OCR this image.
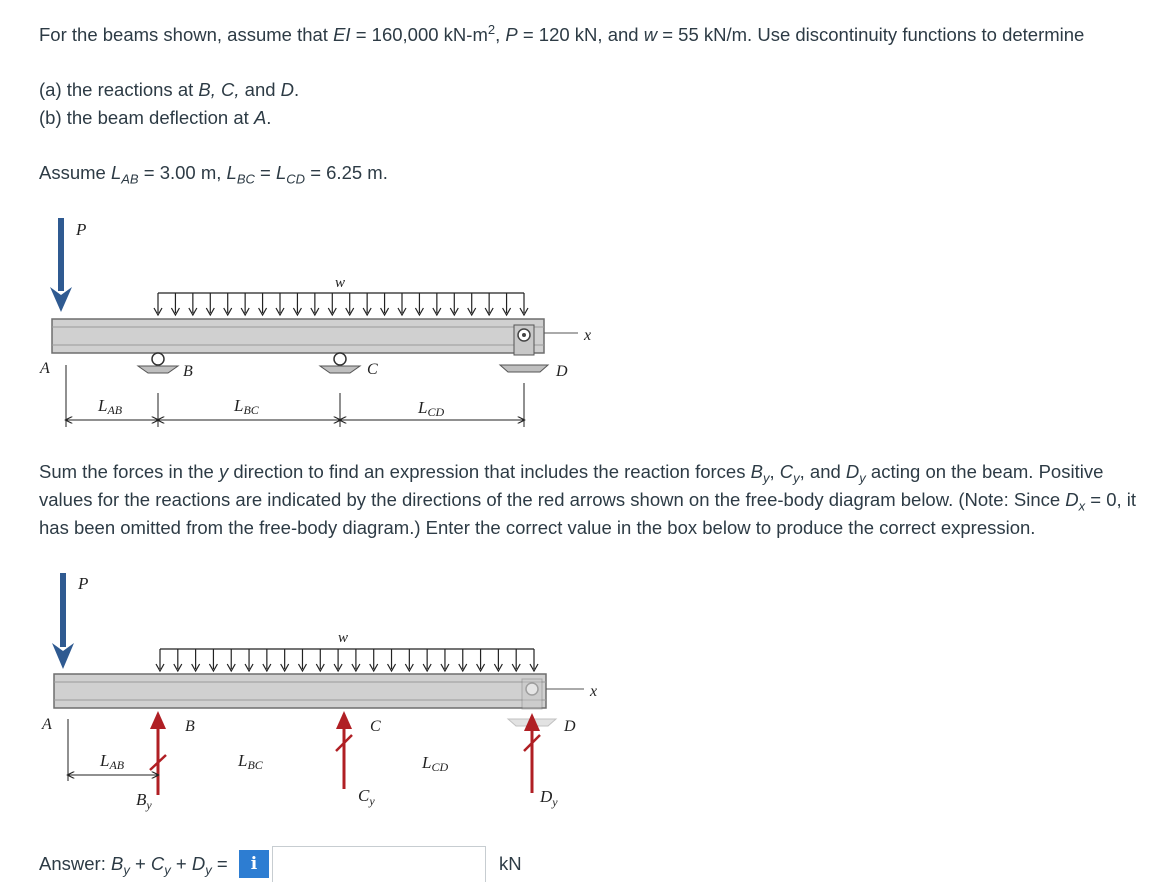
For the beams shown, assume that EI = 160,000 $kN-m^2$, P = 120 kN, and w = 55 kN/m. Use discontinuity functions to determine
(a) the reactions at B, C, and D.
(b) the beam deflection at A.
Assume $L_{AB} = 3.00$ m, $L_{BC} = L_{CD} = 6.25$ m.
P
w
x
A	B	C	D
LAB	LBC	LCD
Sum the forces in the y direction to find an expression that includes the reaction forces $B_y$, $C_y$, and $D_y$ acting on the beam. Positive values for the reactions are indicated by the directions of the red arrows shown on the free-body diagram below. (Note: Since $D_x = 0$, it has been omitted from the free-body diagram.) Enter the correct value in the box below to produce the correct expression.
P
w
x
A	B	C	D
LAB	LBC	LCD
$B_y$	$C_y$	$D_y$
Answer: $B_y + C_y + D_y$ =	i	kN
